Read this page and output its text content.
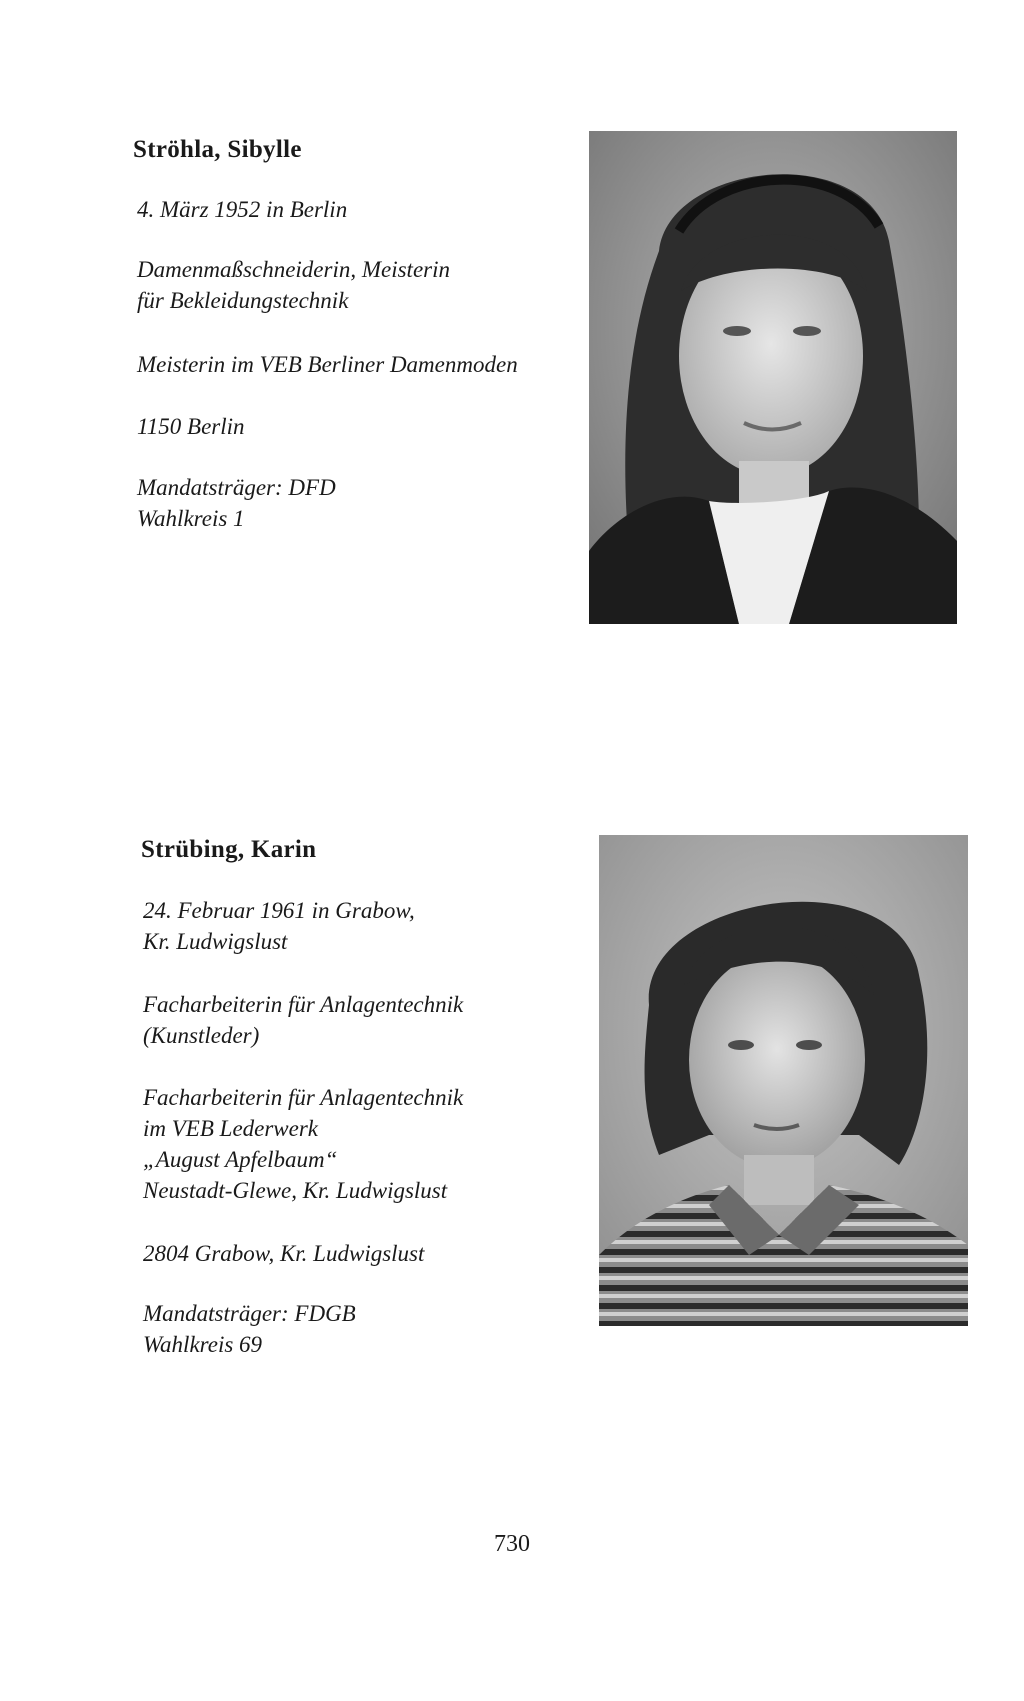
Ströhla, Sibylle

4. März 1952 in Berlin

Damenmaßschneiderin, Meisterin

für Bekleidungstechnik

Meisterin im VEB Berliner Damenmoden

1150 Berlin

Mandatsträger: DFD

Wahlkreis 1

Strübing, Karin

24. Februar 1961 in Grabow,

Kr. Ludwigslust

Facharbeiterin für Anlagentechnik

(Kunstleder)

Facharbeiterin für Anlagentechnik

im VEB Lederwerk

„August Apfelbaum“

Neustadt-Glewe, Kr. Ludwigslust

2804 Grabow, Kr. Ludwigslust

Mandatsträger: FDGB

Wahlkreis 69

730
